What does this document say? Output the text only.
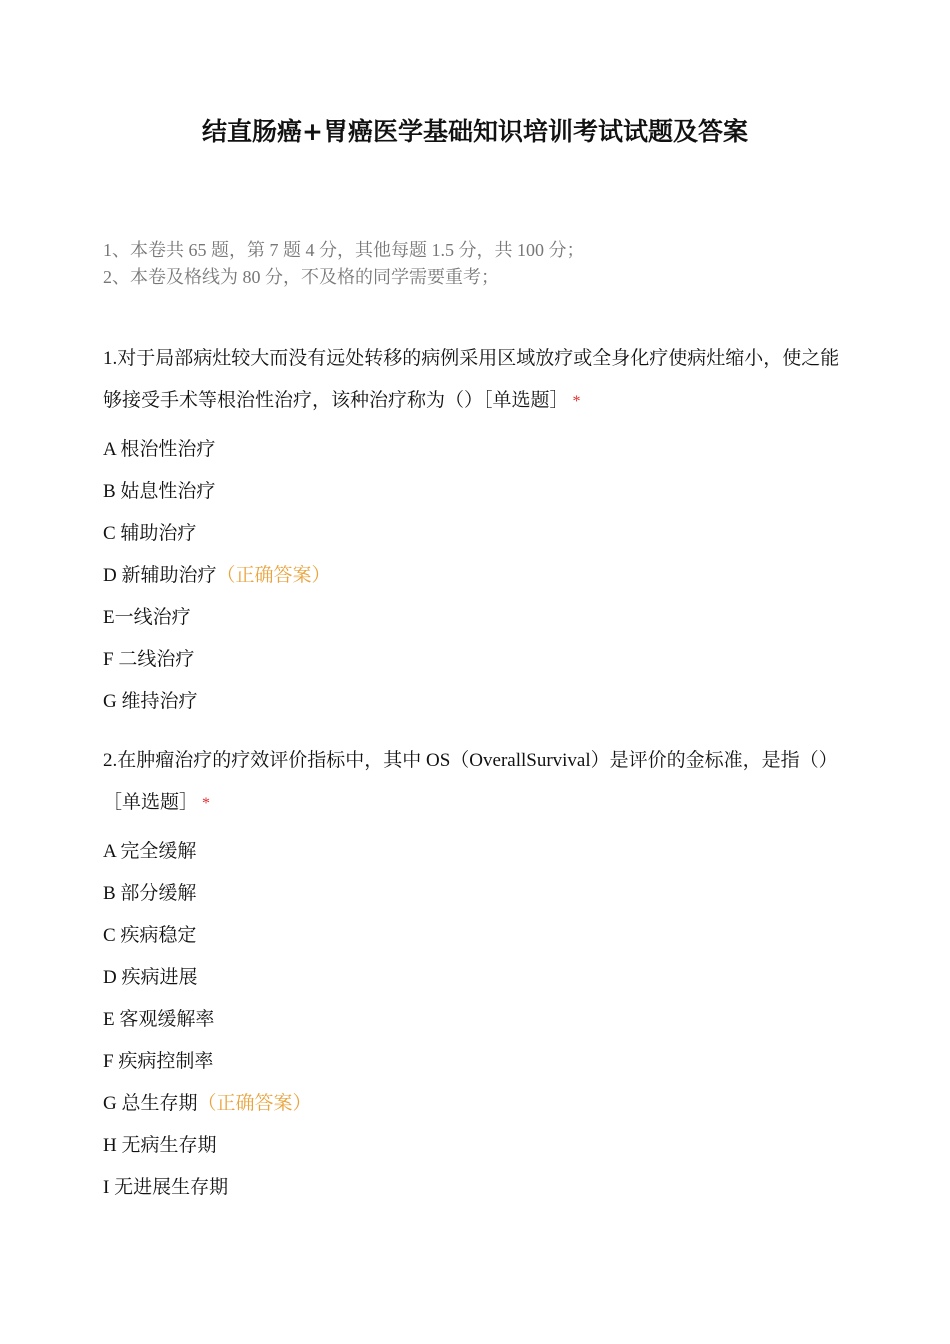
结直肠癌+胃癌医学基础知识培训考试试题及答案
1、本卷共 65 题，第 7 题 4 分，其他每题 1.5 分，共 100 分；
2、本卷及格线为 80 分，不及格的同学需要重考；

1.对于局部病灶较大而没有远处转移的病例采用区域放疗或全身化疗使病灶缩小，使之能够接受手术等根治性治疗，该种治疗称为（）［单选题］ *

A 根治性治疗
B 姑息性治疗
C 辅助治疗
D 新辅助治疗（正确答案）
E一线治疗
F 二线治疗
G 维持治疗

2.在肿瘤治疗的疗效评价指标中，其中 OS（OverallSurvival）是评价的金标准，是指（）［单选题］ *

A 完全缓解
B 部分缓解
C 疾病稳定
D 疾病进展
E 客观缓解率
F 疾病控制率
G 总生存期（正确答案）
H 无病生存期
I 无进展生存期
